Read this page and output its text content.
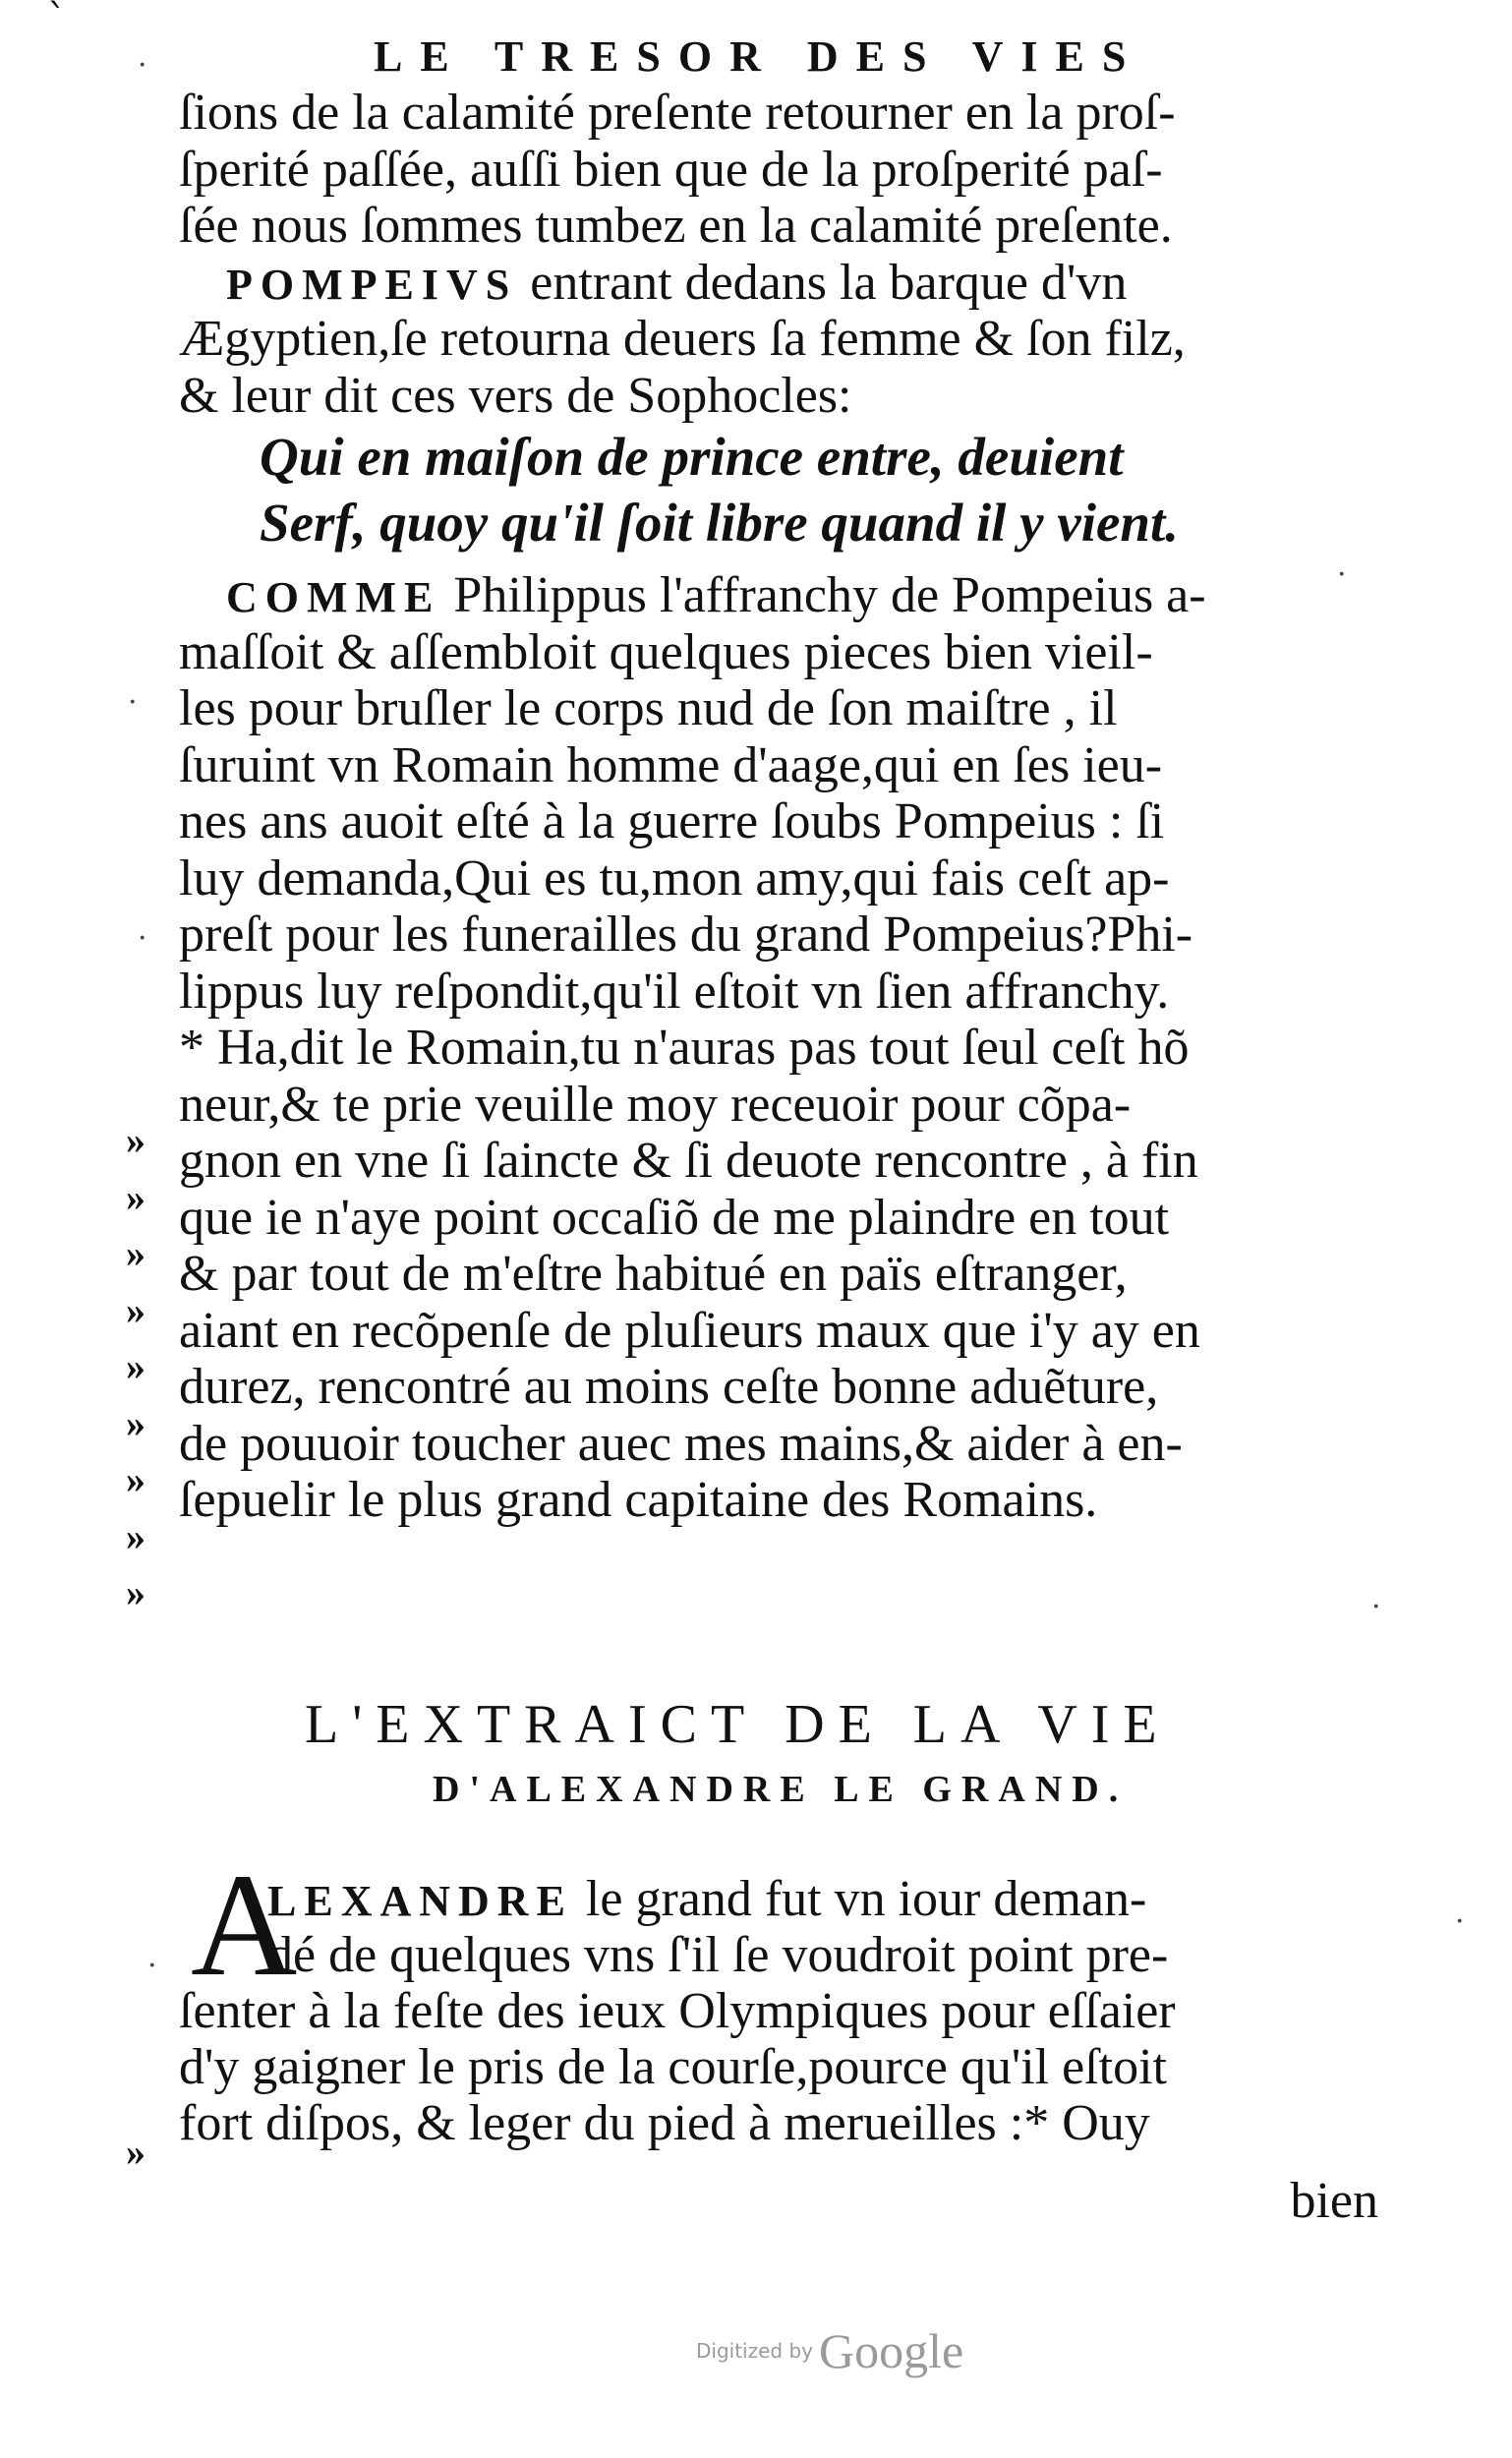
`
LE TRESOR DES VIES
ſions de la calamité preſente retourner en la proſ-
ſperité paſſée, auſſi bien que de la proſperité paſ-
ſée nous ſommes tumbez en la calamité preſente.
POMPEIVS entrant dedans la barque d'vn
Ægyptien,ſe retourna deuers ſa femme & ſon filz,
& leur dit ces vers de Sophocles:
Qui en maiſon de prince entre, deuient
Serf, quoy qu'il ſoit libre quand il y vient.
COMME Philippus l'affranchy de Pompeius a-
maſſoit & aſſembloit quelques pieces bien vieil-
les pour bruſler le corps nud de ſon maiſtre , il
ſuruint vn Romain homme d'aage,qui en ſes ieu-
nes ans auoit eſté à la guerre ſoubs Pompeius : ſi
luy demanda,Qui es tu,mon amy,qui fais ceſt ap-
preſt pour les funerailles du grand Pompeius?Phi-
lippus luy reſpondit,qu'il eſtoit vn ſien affranchy.
* Ha,dit le Romain,tu n'auras pas tout ſeul ceſt hõ
neur,& te prie veuille moy receuoir pour cõpa-
gnon en vne ſi ſaincte & ſi deuote rencontre , à fin
que ie n'aye point occaſiõ de me plaindre en tout
& par tout de m'eſtre habitué en païs eſtranger,
aiant en recõpenſe de pluſieurs maux que i'y ay en
durez, rencontré au moins ceſte bonne aduẽture,
de pouuoir toucher auec mes mains,& aider à en-
ſepuelir le plus grand capitaine des Romains.
»
»
»
»
»
»
»
»
»
»
L'EXTRAICT DE LA VIE
D'ALEXANDRE LE GRAND.
A
LEXANDRE le grand fut vn iour deman-
dé de quelques vns ſ'il ſe voudroit point pre-
ſenter à la feſte des ieux Olympiques pour eſſaier
d'y gaigner le pris de la courſe,pource qu'il eſtoit
fort diſpos, & leger du pied à merueilles :* Ouy
bien
·
·
·
·
·
·
·
Digitized by Google
